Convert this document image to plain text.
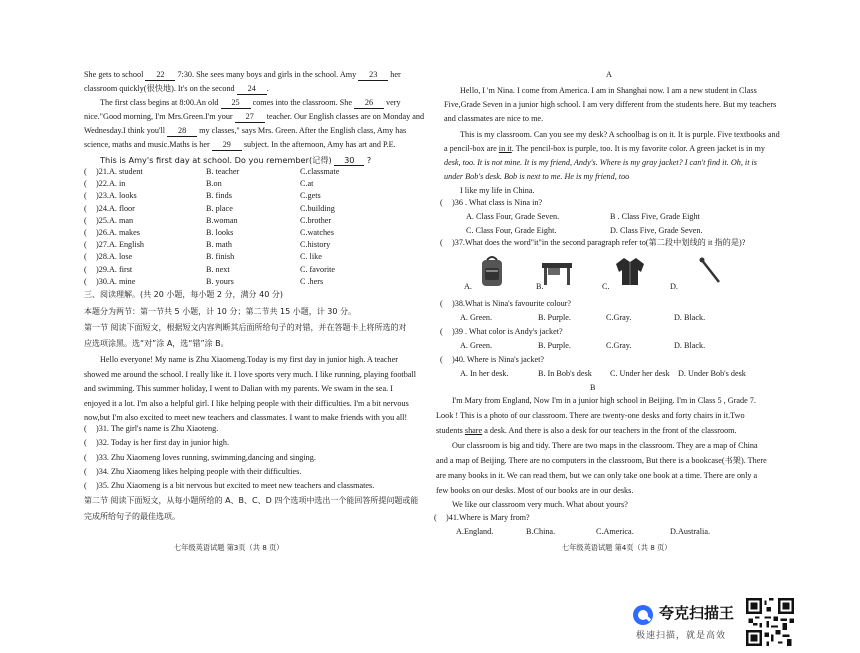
She gets to school 22 7:30. She sees many boys and girls in the school. Amy 23 her
classroom quickly(很快地). It's on the second 24 .
The first class begins at 8:00.An old 25 comes into the classroom. She 26 very
nice."Good morning, I'm Mrs.Green.I'm your 27 teacher. Our English classes are on Monday and
Wednesday.I think you'll 28 my classes," says Mrs. Green. After the English class, Amy has
science, maths and music.Maths is her 29 subject. In the afternoon, Amy has art and P.E.
This is Amy's first day at school. Do you remember(记得) 30 ?
( )21.A. student	B. teacher	C.classmate
( )22.A. in	B.on	C.at
( )23.A. looks	B. finds	C.gets
( )24.A. floor	B. place	C.building
( )25.A. man	B.woman	C.brother
( )26.A. makes	B. looks	C.watches
( )27.A. English	B. math	C.history
( )28.A. lose	B. finish	C. like
( )29.A. first	B. next	C. favorite
( )30.A. mine	B. yours	C .hers
三、阅读理解。(共 20 小题，每小题 2 分，满分 40 分)
本题分为两节：第一节共 5 小题，计 10 分；第二节共 15 小题，计 30 分。
第一节 阅读下面短文，根据短文内容判断其后面所给句子的对错，并在答题卡上将所选的对
应选项涂黑。选“对”涂 A，选“错”涂 B。
Hello everyone! My name is Zhu Xiaomeng.Today is my first day in junior high. A teacher
showed me around the school. I really like it. I love sports very much. I like running, playing football
and swimming. This summer holiday, I went to Dalian with my parents. We swam in the sea. I
enjoyed it a lot. I'm also a helpful girl. I like helping people with their difficulties. I'm a bit nervous
now,but I'm also excited to meet new teachers and classmates. I want to make friends with you all!
( )31. The girl's name is Zhu Xiaoteng.
( )32. Today is her first day in junior high.
( )33. Zhu Xiaomeng loves running, swimming,dancing and singing.
( )34. Zhu Xiaomeng likes helping people with their difficulties.
( )35. Zhu Xiaomeng is a bit nervous but excited to meet new teachers and classmates.
第二节 阅读下面短文，从每小题所给的 A、B、C、D 四个选项中选出一个能回答所提问题或能
完成所给句子的最佳选项。
七年级英语试题 第3页（共 8 页）
A
Hello, I 'm Nina. I come from America. I am in Shanghai now. I am a new student in Class
Five,Grade Seven in a junior high school. I am very different from the students here. But my teachers
and classmates are nice to me.
This is my classroom. Can you see my desk? A schoolbag is on it. It is purple. Five textbooks and
a pencil-box are in it. The pencil-box is purple, too. It is my favorite color. A green jacket is in my
desk, too. It is not mine. It is my friend, Andy's. Where is my gray jacket? I can't find it. Oh, it is
under Bob's desk. Bob is next to me. He is my friend, too
I like my life in China.
( )36 . What class is Nina in?
A. Class Four, Grade Seven.	B . Class Five, Grade Eight
C. Class Four, Grade Eight.	D. Class Five, Grade Seven.
( )37.What does the word"it"in the second paragraph refer to(第二段中划线的 it 指的是)?
A.	B.	C.	D.
( )38.What is Nina's favourite colour?
A. Green.	B. Purple.	C.Gray.	D. Black.
( )39 . What color is Andy's jacket?
A. Green.	B. Purple.	C.Gray.	D. Black.
( )40. Where is Nina's jacket?
A. In her desk.	B. In Bob's desk C. Under her desk D. Under Bob's desk
B
I'm Mary from England, Now I'm in a junior high school in Beijing. I'm in Class 5 , Grade 7.
Look ! This is a photo of our classroom. There are twenty-one desks and forty chairs in it.Two
students share a desk. And there is also a desk for our teachers in the front of the classroom.
Our classroom is big and tidy. There are two maps in the classroom. They are a map of China
and a map of Beijing. There are no computers in the classroom, But there is a bookcase(书架). There
are many books in it. We can read them, but we can only take one book at a time. There are only a
few books on our desks. Most of our books are in our desks.
We like our classroom very much. What about yours?
( )41.Where is Mary from?
A.England.	B.China.	C.America.	D.Australia.
七年级英语试题 第4页（共 8 页）
夸克扫描王
极速扫描，就是高效
